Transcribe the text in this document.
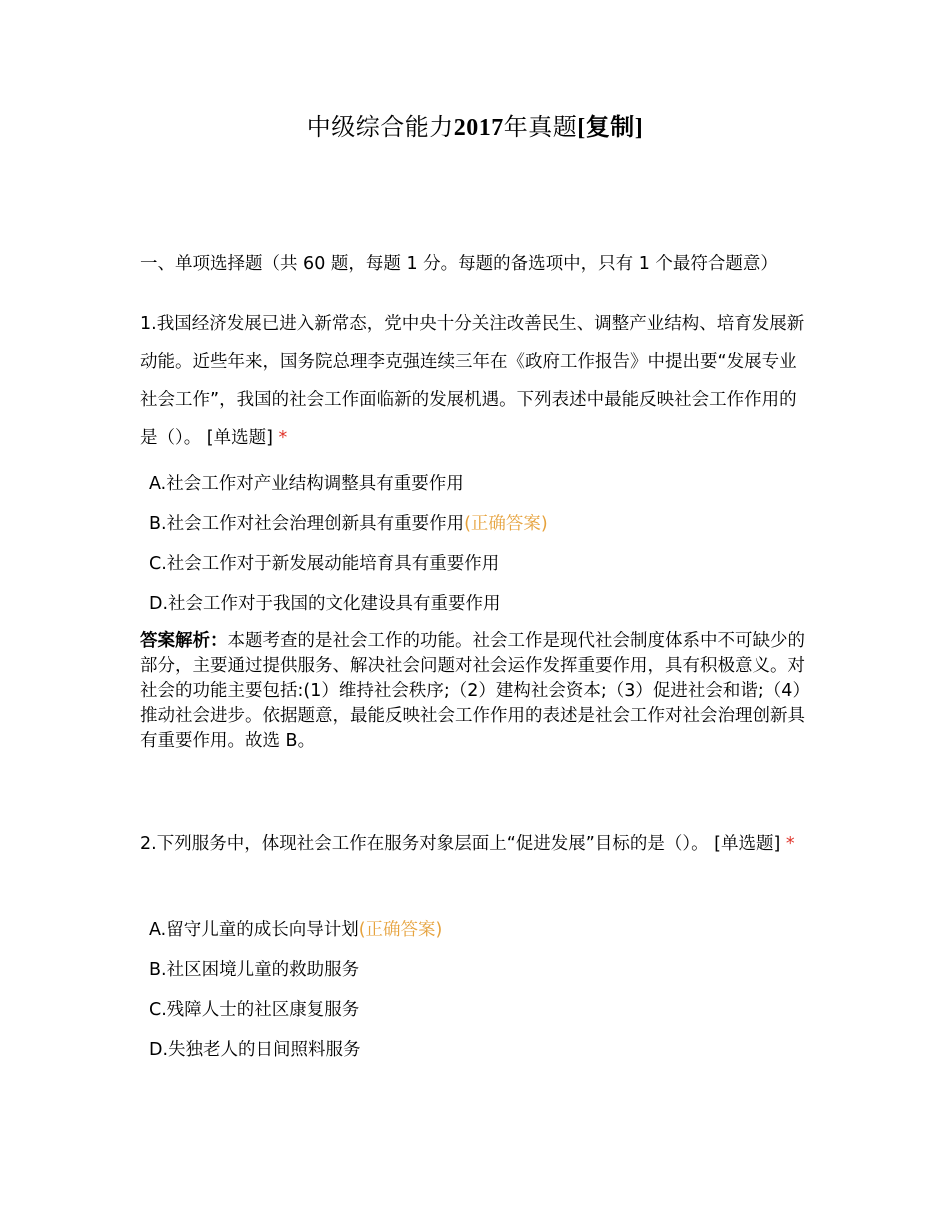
中级综合能力2017年真题[复制]
一、单项选择题（共 60 题，每题 1 分。每题的备选项中，只有 1 个最符合题意）
1.我国经济发展已进入新常态，党中央十分关注改善民生、调整产业结构、培育发展新动能。近些年来，国务院总理李克强连续三年在《政府工作报告》中提出要“发展专业社会工作”，我国的社会工作面临新的发展机遇。下列表述中最能反映社会工作作用的是（）。 [单选题] *
A.社会工作对产业结构调整具有重要作用
B.社会工作对社会治理创新具有重要作用(正确答案)
C.社会工作对于新发展动能培育具有重要作用
D.社会工作对于我国的文化建设具有重要作用
答案解析：本题考查的是社会工作的功能。社会工作是现代社会制度体系中不可缺少的部分，主要通过提供服务、解决社会问题对社会运作发挥重要作用，具有积极意义。对社会的功能主要包括:(1）维持社会秩序;（2）建构社会资本;（3）促进社会和谐;（4）推动社会进步。依据题意，最能反映社会工作作用的表述是社会工作对社会治理创新具有重要作用。故选 B。
2.下列服务中，体现社会工作在服务对象层面上“促进发展”目标的是（）。 [单选题] *
A.留守儿童的成长向导计划(正确答案)
B.社区困境儿童的救助服务
C.残障人士的社区康复服务
D.失独老人的日间照料服务
